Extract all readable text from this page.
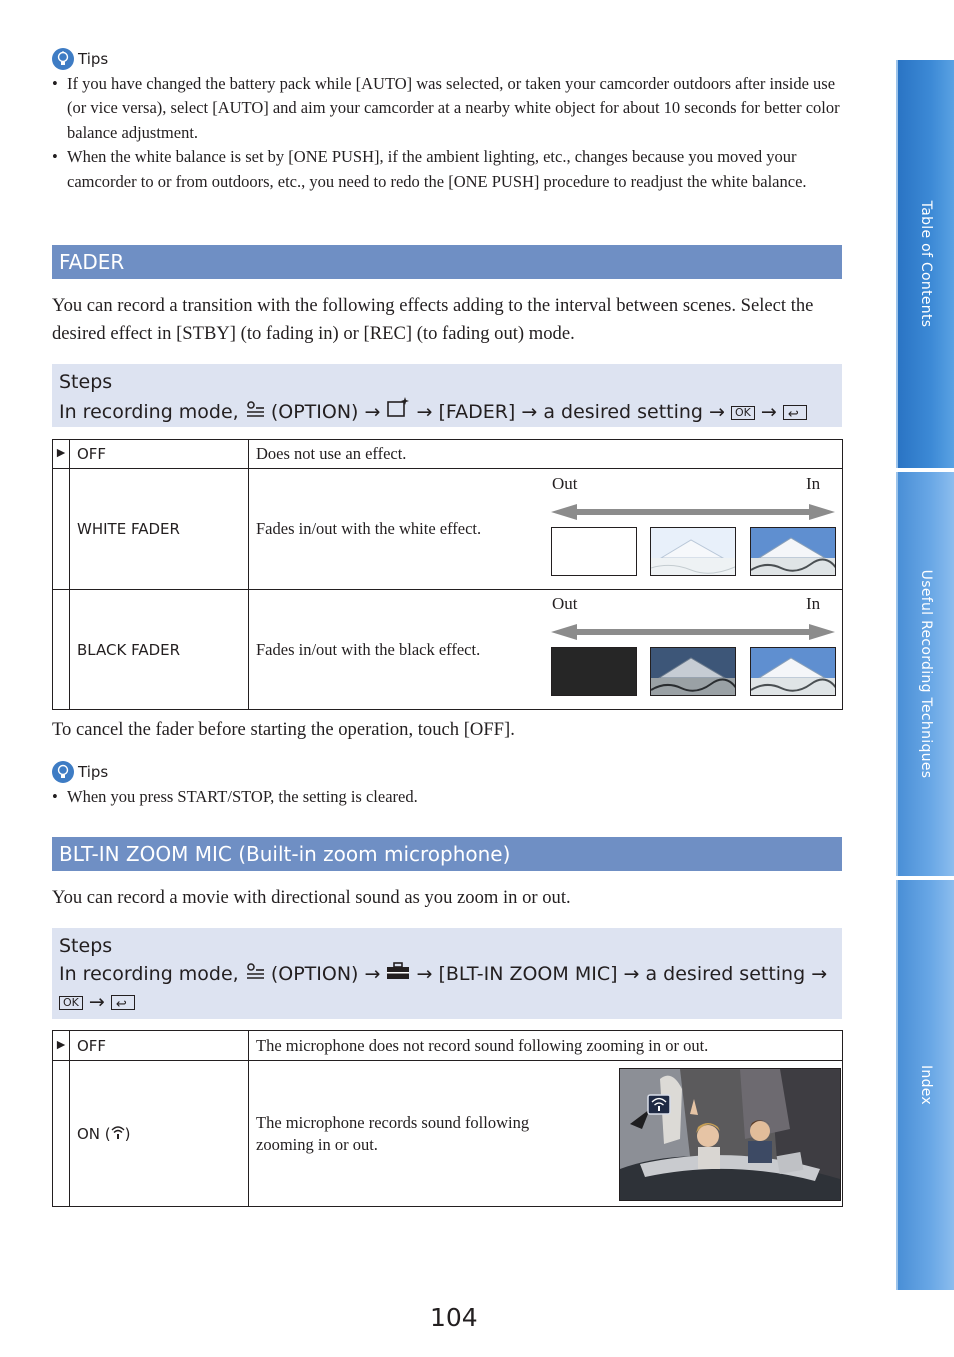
Table of Contents
Useful Recording Techniques
Index
Tips
• If you have changed the battery pack while [AUTO] was selected, or taken your camcorder outdoors after inside use (or vice versa), select [AUTO] and aim your camcorder at a nearby white object for about 10 seconds for better color balance adjustment.
• When the white balance is set by [ONE PUSH], if the ambient lighting, etc., changes because you moved your camcorder to or from outdoors, etc., you need to redo the [ONE PUSH] procedure to readjust the white balance.
FADER
You can record a transition with the following effects adding to the interval between scenes. Select the desired effect in [STBY] (to fading in) or [REC] (to fading out) mode.
Steps
In recording mode, (OPTION) →  → [FADER] → a desired setting → OK → ↩
►	OFF	Does not use an effect.
	WHITE FADER	Fades in/out with the white effect.
	BLACK FADER	Fades in/out with the black effect.
Out	In
Out	In
To cancel the fader before starting the operation, touch [OFF].
Tips
• When you press START/STOP, the setting is cleared.
BLT-IN ZOOM MIC (Built-in zoom microphone)
You can record a movie with directional sound as you zoom in or out.
Steps
In recording mode, (OPTION) →  → [BLT-IN ZOOM MIC] → a desired setting →
OK → ↩
►	OFF	The microphone does not record sound following zooming in or out.
	ON ( )	The microphone records sound following zooming in or out.
104
